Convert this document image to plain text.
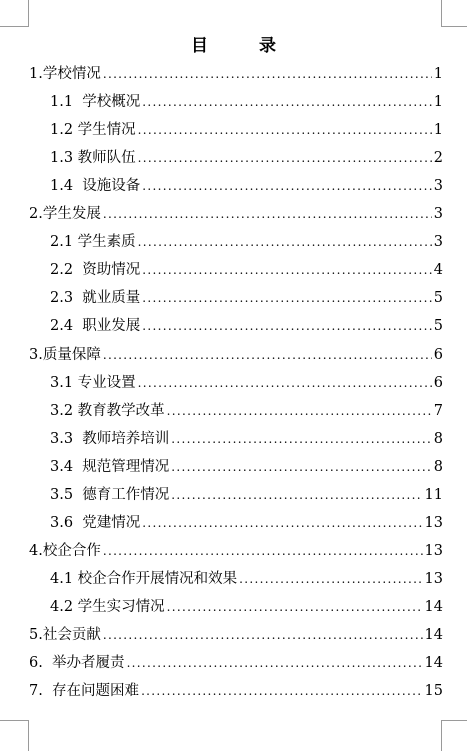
目　　　录
1.学校情况 .....	1
1.1  学校概况 .....	1
1.2 学生情况 .....	1
1.3 教师队伍 .....	2
1.4  设施设备 .....	3
2.学生发展 .....	3
2.1 学生素质 .....	3
2.2  资助情况 .....	4
2.3  就业质量 .....	5
2.4  职业发展 .....	5
3.质量保障 .....	6
3.1 专业设置 .....	6
3.2 教育教学改革 .....	7
3.3  教师培养培训 .....	8
3.4  规范管理情况 .....	8
3.5  德育工作情况 .....	11
3.6  党建情况 .....	13
4.校企合作 .....	13
4.1 校企合作开展情况和效果 .....	13
4.2 学生实习情况 .....	14
5.社会贡献 .....	14
6.  举办者履责 .....	14
7.  存在问题困难 .....	15
